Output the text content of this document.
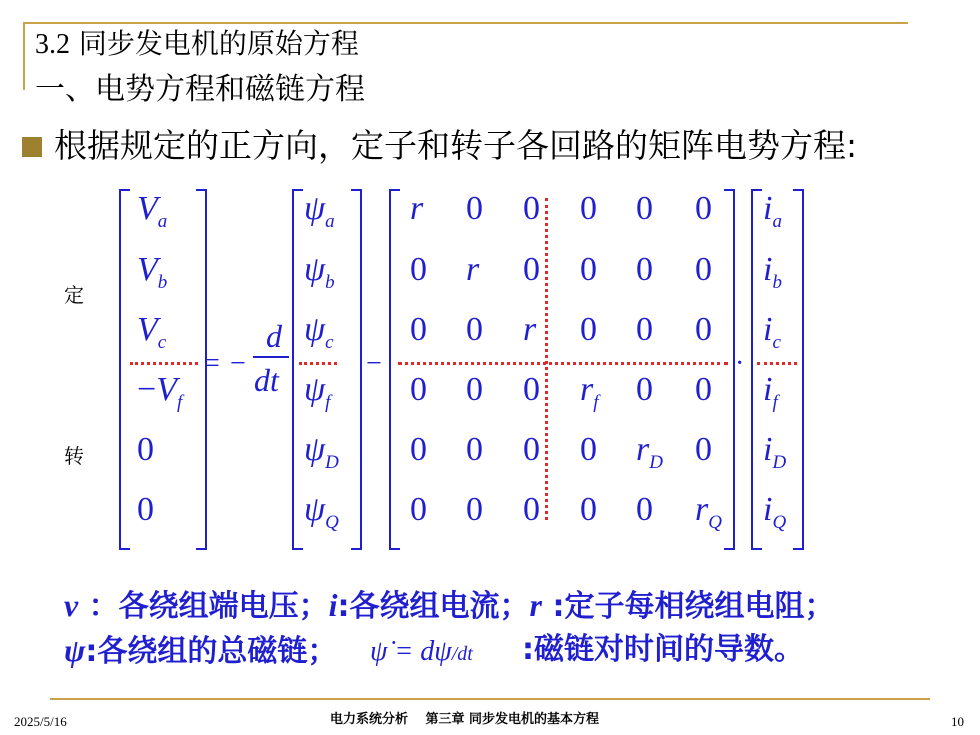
3.2 同步发电机的原始方程
一、电势方程和磁链方程
根据规定的正方向，定子和转子各回路的矩阵电势方程:
定
转
= −
d
dt	−	·
$V_a$
$V_b$
$V_c$
$-V_f$
0
0
$\psi_a$
$\psi_b$
$\psi_c$
$\psi_f$
$\psi_D$
$\psi_Q$
r 0 0 0 0 0
0 r 0 0 0 0
0 0 r 0 0 0
0 0 0 $r_f$ 0 0
0 0 0 0 $r_D$ 0
0 0 0 0 0 $r_Q$
$i_a$
$i_b$
$i_c$
$i_f$
$i_D$
$i_Q$
v ：各绕组端电压；i:各绕组电流；r :定子每相绕组电阻；
ψ:各绕组的总磁链； ψ̇ = dψ/dt :磁链对时间的导数。
2025/5/16	电力系统分析　 第三章 同步发电机的基本方程	10
